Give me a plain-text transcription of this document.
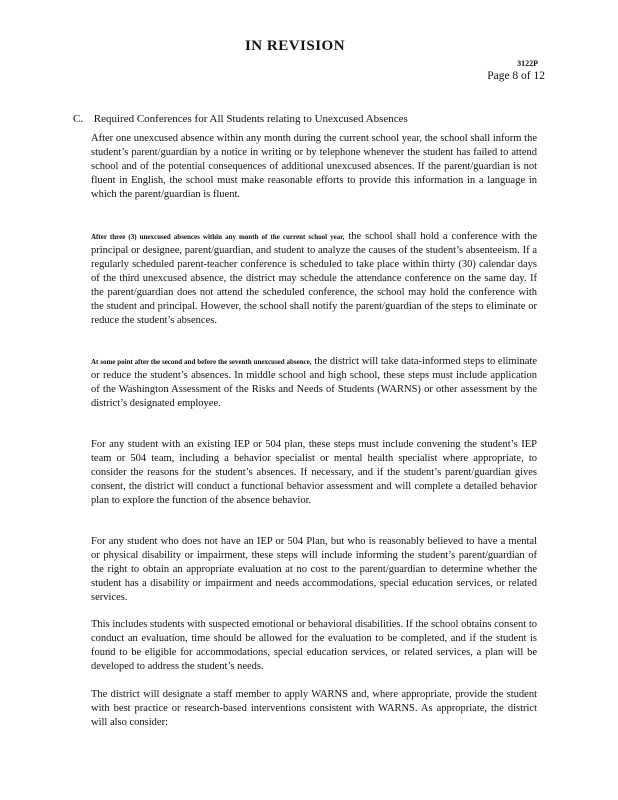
IN REVISION
3122P
Page 8 of 12
C. Required Conferences for All Students relating to Unexcused Absences

After one unexcused absence within any month during the current school year, the school shall inform the student’s parent/guardian by a notice in writing or by telephone whenever the student has failed to attend school and of the potential consequences of additional unexcused absences. If the parent/guardian is not fluent in English, the school must make reasonable efforts to provide this information in a language in which the parent/guardian is fluent.

After three (3) unexcused absences within any month of the current school year, the school shall hold a conference with the principal or designee, parent/guardian, and student to analyze the causes of the student’s absenteeism. If a regularly scheduled parent-teacher conference is scheduled to take place within thirty (30) calendar days of the third unexcused absence, the district may schedule the attendance conference on the same day. If the parent/guardian does not attend the scheduled conference, the school may hold the conference with the student and principal. However, the school shall notify the parent/guardian of the steps to eliminate or reduce the student’s absences.

At some point after the second and before the seventh unexcused absence, the district will take data-informed steps to eliminate or reduce the student’s absences. In middle school and high school, these steps must include application of the Washington Assessment of the Risks and Needs of Students (WARNS) or other assessment by the district’s designated employee.

For any student with an existing IEP or 504 plan, these steps must include convening the student’s IEP team or 504 team, including a behavior specialist or mental health specialist where appropriate, to consider the reasons for the student’s absences. If necessary, and if the student’s parent/guardian gives consent, the district will conduct a functional behavior assessment and will complete a detailed behavior plan to explore the function of the absence behavior.

For any student who does not have an IEP or 504 Plan, but who is reasonably believed to have a mental or physical disability or impairment, these steps will include informing the student’s parent/guardian of the right to obtain an appropriate evaluation at no cost to the parent/guardian to determine whether the student has a disability or impairment and needs accommodations, special education services, or related services.

This includes students with suspected emotional or behavioral disabilities. If the school obtains consent to conduct an evaluation, time should be allowed for the evaluation to be completed, and if the student is found to be eligible for accommodations, special education services, or related services, a plan will be developed to address the student’s needs.

The district will designate a staff member to apply WARNS and, where appropriate, provide the student with best practice or research-based interventions consistent with WARNS. As appropriate, the district will also consider:
